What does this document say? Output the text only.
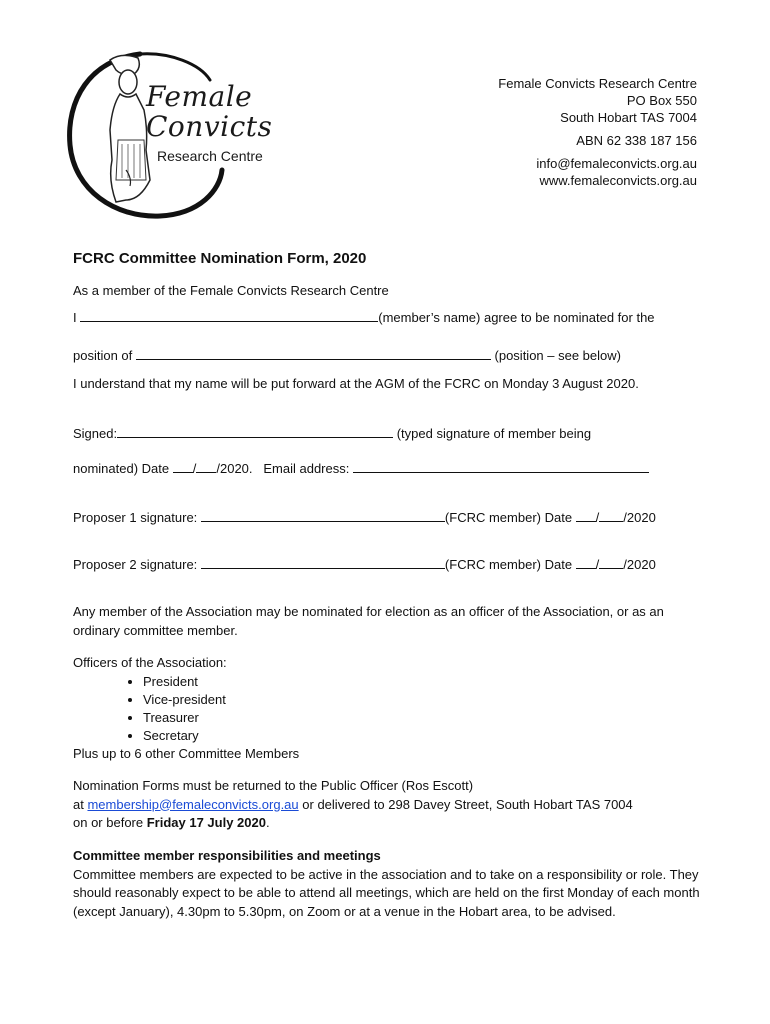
Female
Convicts
Research Centre
Female Convicts Research Centre
PO Box 550
South Hobart TAS 7004
ABN 62 338 187 156
info@femaleconvicts.org.au
www.femaleconvicts.org.au
FCRC Committee Nomination Form, 2020
As a member of the Female Convicts Research Centre
I	(member’s name) agree to be nominated for the
position of	(position – see below)
I understand that my name will be put forward at the AGM of the FCRC on Monday 3 August 2020.
Signed:	(typed signature of member being
nominated) Date / /2020. Email address:
Proposer 1 signature:	(FCRC member) Date / /2020
Proposer 2 signature:	(FCRC member) Date / /2020
Any member of the Association may be nominated for election as an officer of the Association, or as an ordinary committee member.
Officers of the Association:
• President
• Vice-president
• Treasurer
• Secretary
Plus up to 6 other Committee Members
Nomination Forms must be returned to the Public Officer (Ros Escott)
at membership@femaleconvicts.org.au or delivered to 298 Davey Street, South Hobart TAS 7004
on or before Friday 17 July 2020.
Committee member responsibilities and meetings
Committee members are expected to be active in the association and to take on a responsibility or role. They should reasonably expect to be able to attend all meetings, which are held on the first Monday of each month (except January), 4.30pm to 5.30pm, on Zoom or at a venue in the Hobart area, to be advised.
